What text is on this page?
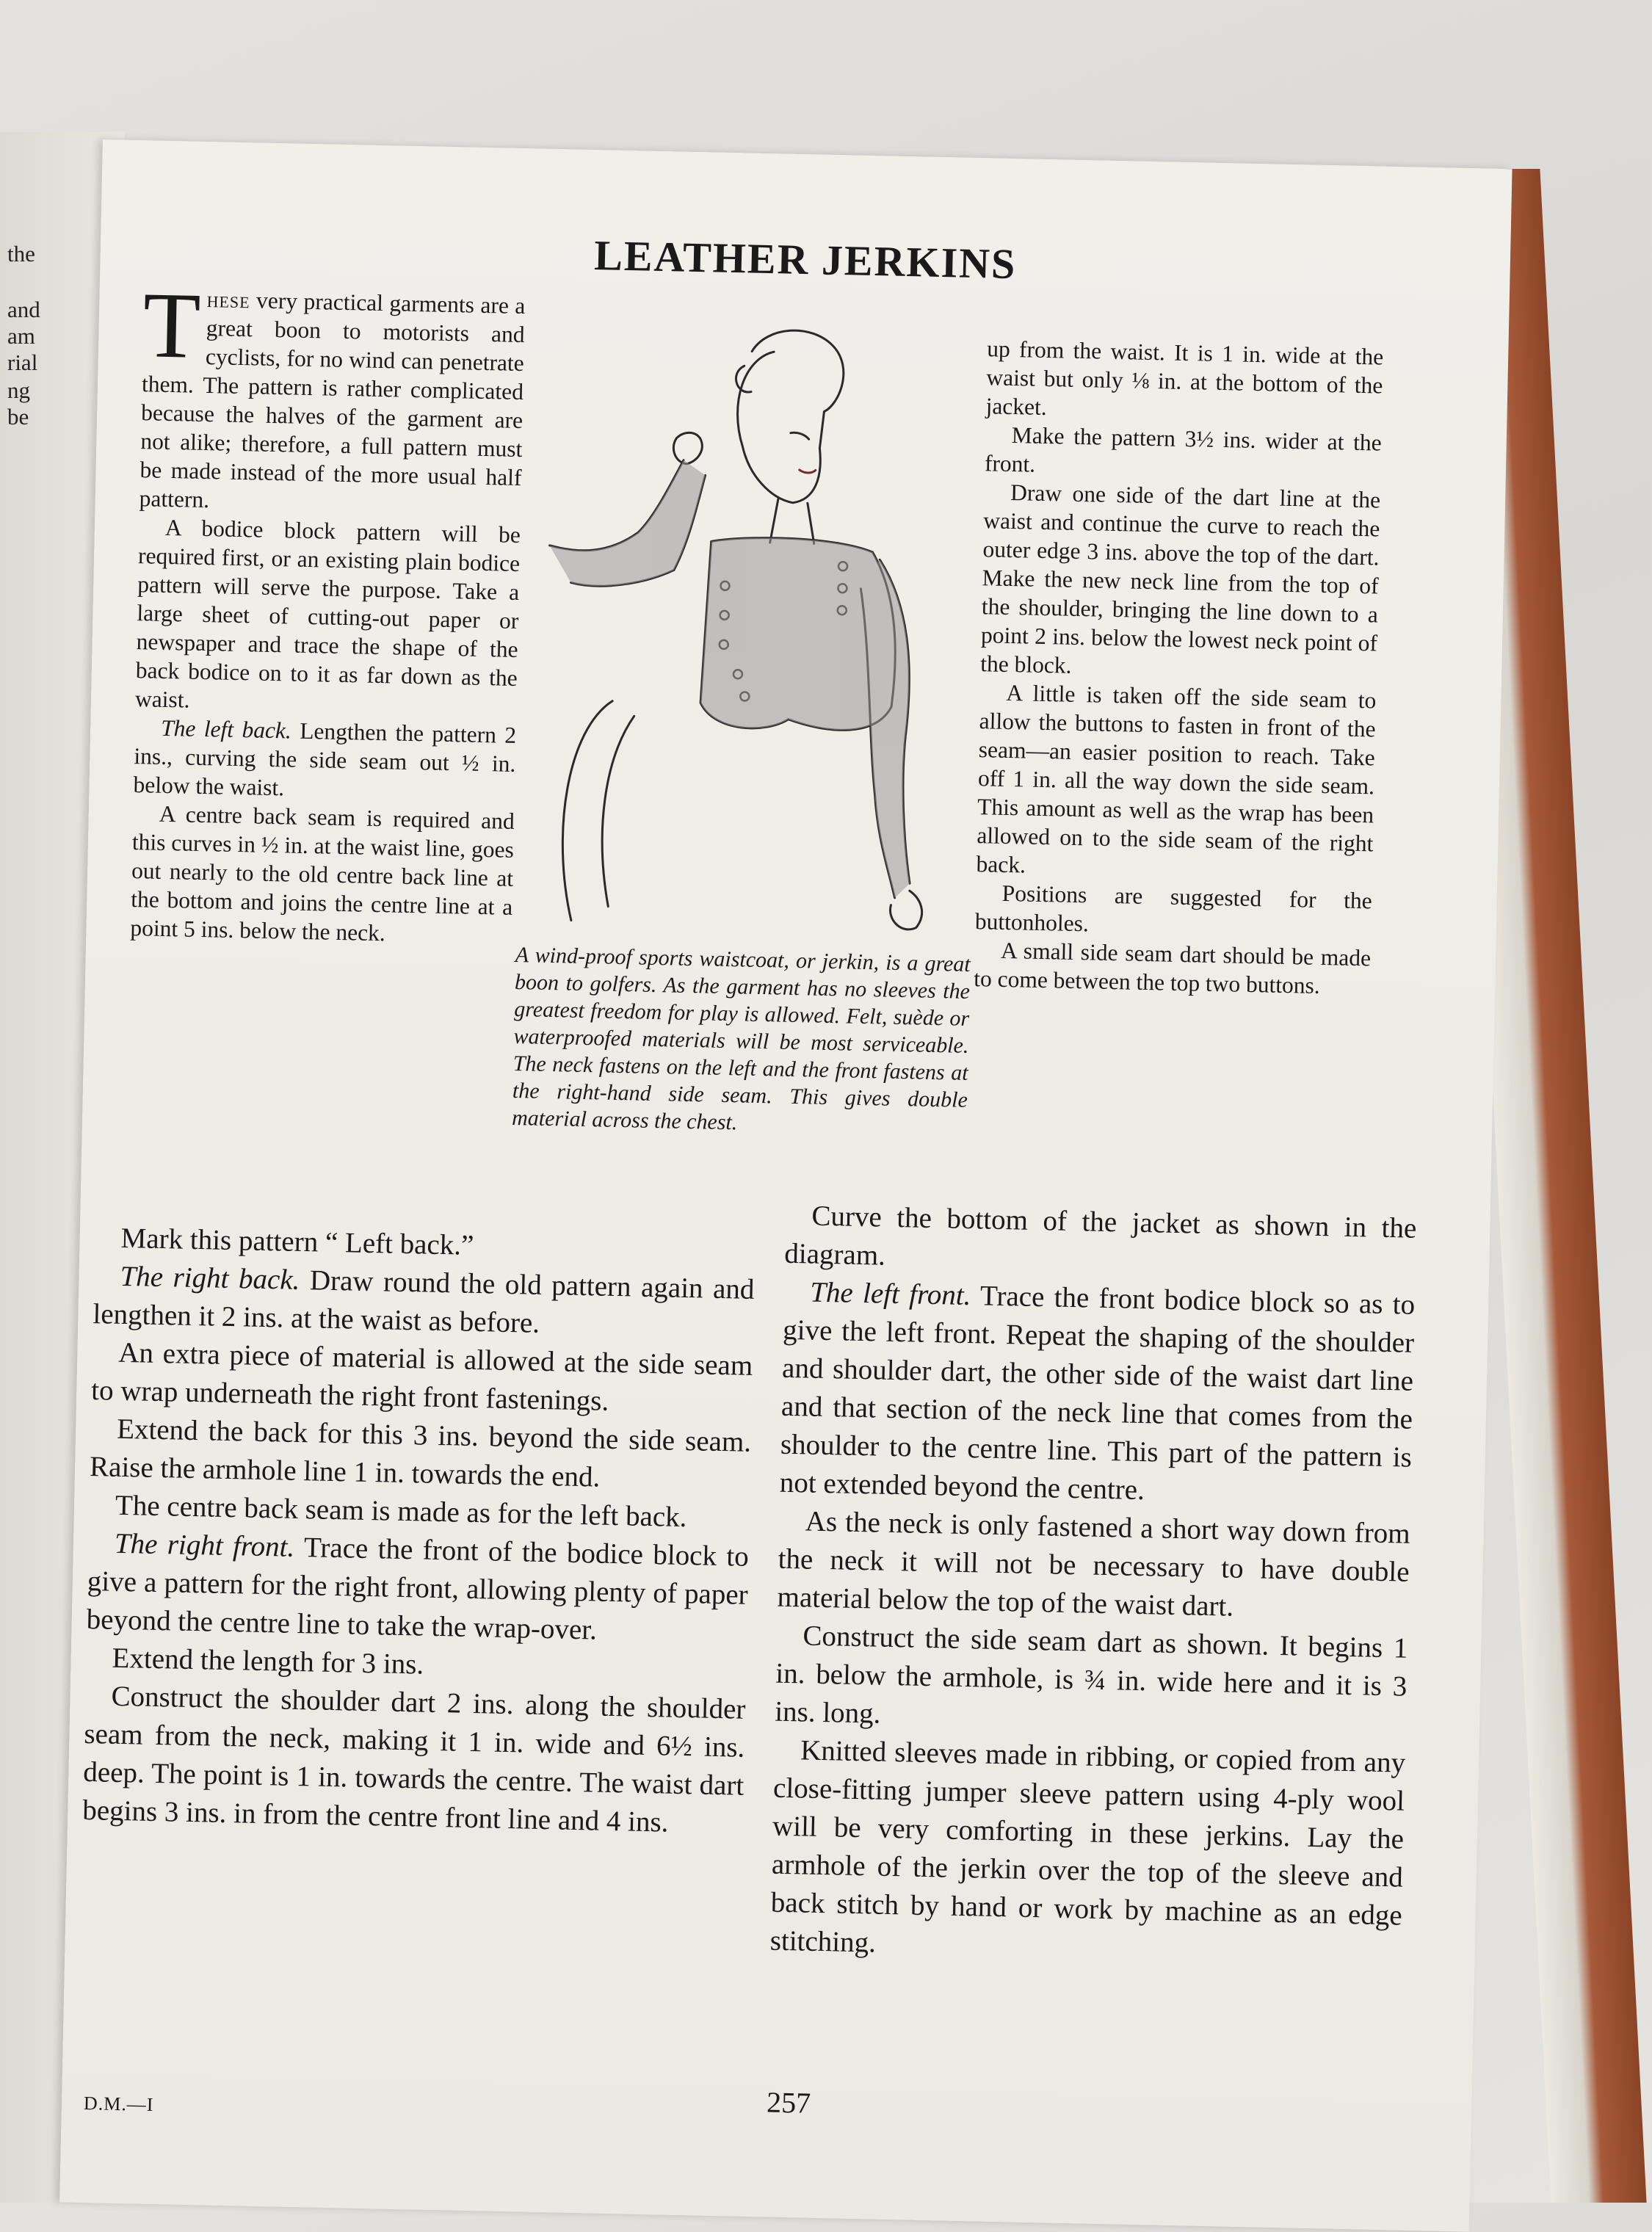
the
and
am
rial
ng
be
LEATHER JERKINS

These very practical garments are a great boon to motorists and cyclists, for no wind can penetrate them. The pattern is rather complicated because the halves of the garment are not alike; therefore, a full pattern must be made instead of the more usual half pattern.

A bodice block pattern will be required first, or an existing plain bodice pattern will serve the purpose. Take a large sheet of cutting-out paper or newspaper and trace the shape of the back bodice on to it as far down as the waist.

The left back. Lengthen the pattern 2 ins., curving the side seam out ½ in. below the waist.

A centre back seam is required and this curves in ½ in. at the waist line, goes out nearly to the old centre back line at the bottom and joins the centre line at a point 5 ins. below the neck.

A wind-proof sports waistcoat, or jerkin, is a great boon to golfers. As the garment has no sleeves the greatest freedom for play is allowed. Felt, suède or waterproofed materials will be most serviceable. The neck fastens on the left and the front fastens at the right-hand side seam. This gives double material across the chest.

up from the waist. It is 1 in. wide at the waist but only ⅛ in. at the bottom of the jacket.

Make the pattern 3½ ins. wider at the front.

Draw one side of the dart line at the waist and continue the curve to reach the outer edge 3 ins. above the top of the dart. Make the new neck line from the top of the shoulder, bringing the line down to a point 2 ins. below the lowest neck point of the block.

A little is taken off the side seam to allow the buttons to fasten in front of the seam—an easier position to reach. Take off 1 in. all the way down the side seam. This amount as well as the wrap has been allowed on to the side seam of the right back.

Positions are suggested for the buttonholes.

A small side seam dart should be made to come between the top two buttons.

Mark this pattern “ Left back.”

The right back. Draw round the old pattern again and lengthen it 2 ins. at the waist as before.

An extra piece of material is allowed at the side seam to wrap underneath the right front fastenings.

Extend the back for this 3 ins. beyond the side seam. Raise the armhole line 1 in. towards the end.

The centre back seam is made as for the left back.

The right front. Trace the front of the bodice block to give a pattern for the right front, allowing plenty of paper beyond the centre line to take the wrap-over.

Extend the length for 3 ins.

Construct the shoulder dart 2 ins. along the shoulder seam from the neck, making it 1 in. wide and 6½ ins. deep. The point is 1 in. towards the centre. The waist dart begins 3 ins. in from the centre front line and 4 ins.

Curve the bottom of the jacket as shown in the diagram.

The left front. Trace the front bodice block so as to give the left front. Repeat the shaping of the shoulder and shoulder dart, the other side of the waist dart line and that section of the neck line that comes from the shoulder to the centre line. This part of the pattern is not extended beyond the centre.

As the neck is only fastened a short way down from the neck it will not be necessary to have double material below the top of the waist dart.

Construct the side seam dart as shown. It begins 1 in. below the armhole, is ¾ in. wide here and it is 3 ins. long.

Knitted sleeves made in ribbing, or copied from any close-fitting jumper sleeve pattern using 4-ply wool will be very comforting in these jerkins. Lay the armhole of the jerkin over the top of the sleeve and back stitch by hand or work by machine as an edge stitching.

257
D.M.—I
